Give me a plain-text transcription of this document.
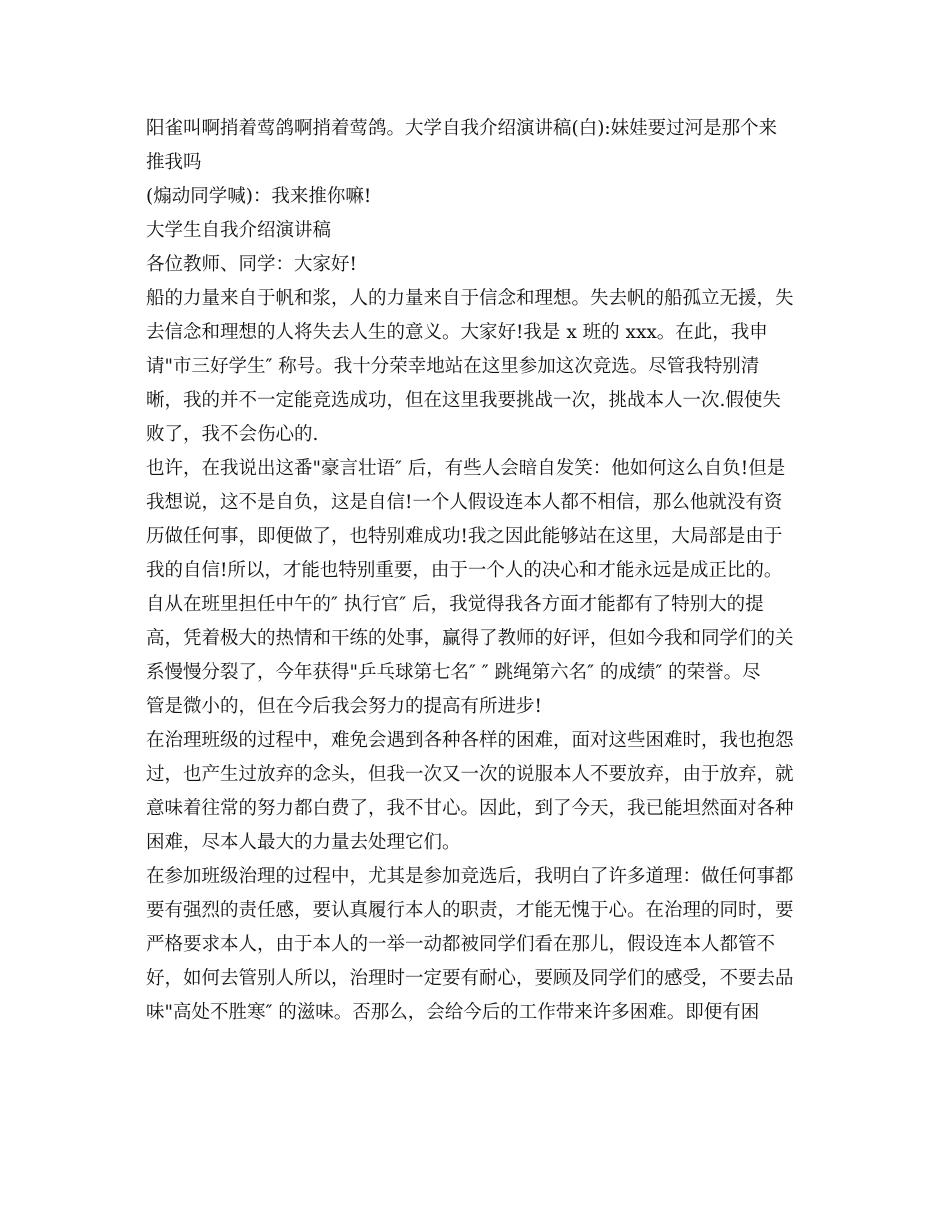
阳雀叫啊捎着莺鸽啊捎着莺鸽。大学自我介绍演讲稿(白):妹娃要过河是那个来
推我吗
(煽动同学喊)：我来推你嘛!
大学生自我介绍演讲稿
各位教师、同学：大家好!
船的力量来自于帆和浆，人的力量来自于信念和理想。失去帆的船孤立无援，失
去信念和理想的人将失去人生的意义。大家好!我是 x 班的 xxx。在此，我申
请"市三好学生″ 称号。我十分荣幸地站在这里参加这次竞选。尽管我特别清
晰，我的并不一定能竞选成功，但在这里我要挑战一次，挑战本人一次.假使失
败了，我不会伤心的.
也许，在我说出这番"豪言壮语″ 后，有些人会暗自发笑：他如何这么自负!但是
我想说，这不是自负，这是自信!一个人假设连本人都不相信，那么他就没有资
历做任何事，即便做了，也特别难成功!我之因此能够站在这里，大局部是由于
我的自信!所以，才能也特别重要，由于一个人的决心和才能永远是成正比的。
自从在班里担任中午的″ 执行官″ 后，我觉得我各方面才能都有了特别大的提
高，凭着极大的热情和干练的处事，赢得了教师的好评，但如今我和同学们的关
系慢慢分裂了，今年获得"乒乓球第七名″ ″ 跳绳第六名″ 的成绩″ 的荣誉。尽
管是微小的，但在今后我会努力的提高有所进步!
在治理班级的过程中，难免会遇到各种各样的困难，面对这些困难时，我也抱怨
过，也产生过放弃的念头，但我一次又一次的说服本人不要放弃，由于放弃，就
意味着往常的努力都白费了，我不甘心。因此，到了今天，我已能坦然面对各种
困难，尽本人最大的力量去处理它们。
在参加班级治理的过程中，尤其是参加竞选后，我明白了许多道理：做任何事都
要有强烈的责任感，要认真履行本人的职责，才能无愧于心。在治理的同时，要
严格要求本人，由于本人的一举一动都被同学们看在那儿，假设连本人都管不
好，如何去管别人所以，治理时一定要有耐心，要顾及同学们的感受，不要去品
味"高处不胜寒″ 的滋味。否那么，会给今后的工作带来许多困难。即便有困
